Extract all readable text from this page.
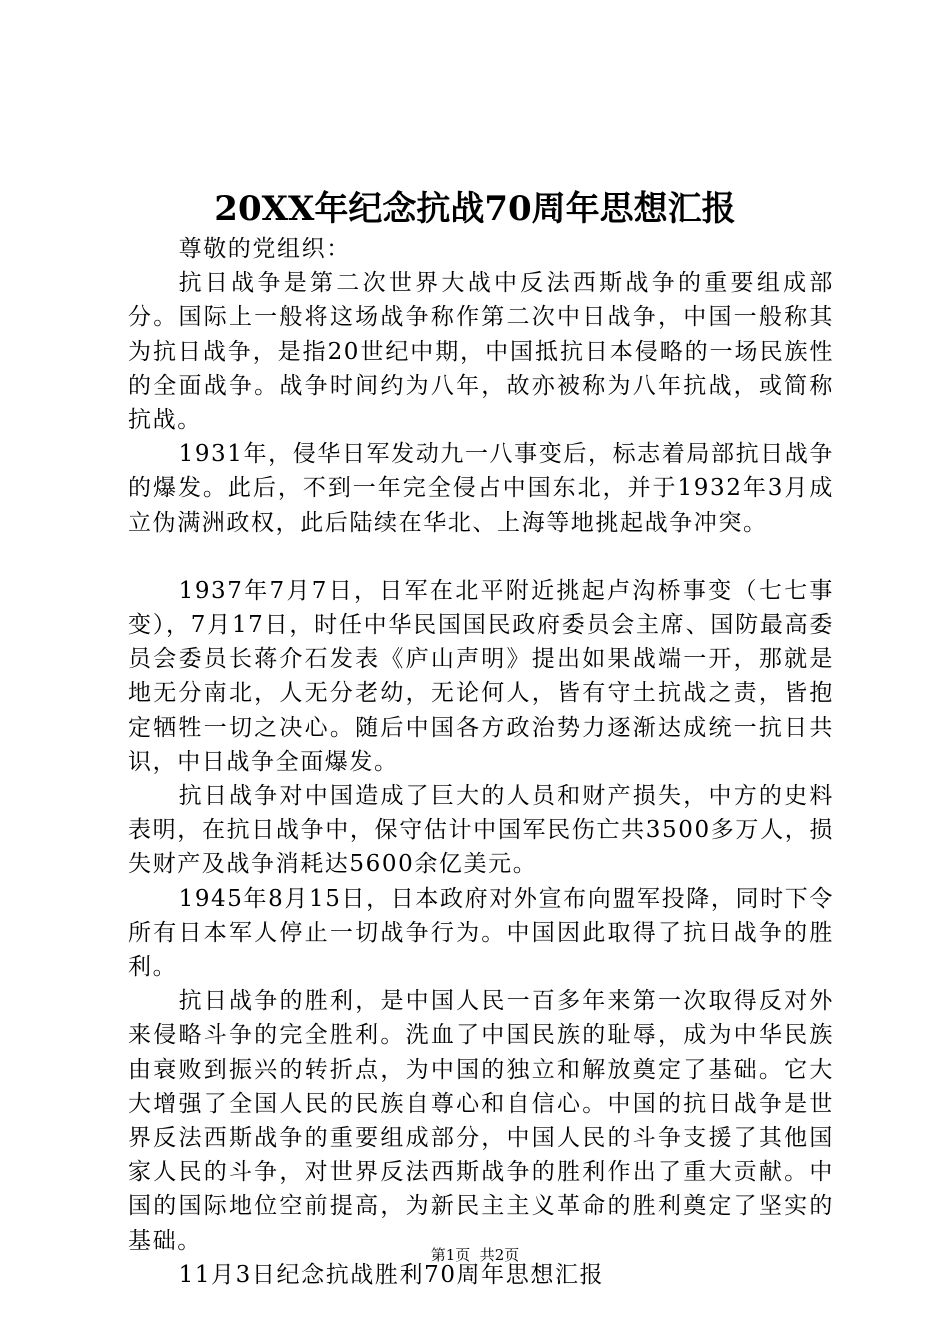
20XX年纪念抗战70周年思想汇报

尊敬的党组织：

抗日战争是第二次世界大战中反法西斯战争的重要组成部分。国际上一般将这场战争称作第二次中日战争，中国一般称其为抗日战争，是指20世纪中期，中国抵抗日本侵略的一场民族性的全面战争。战争时间约为八年，故亦被称为八年抗战，或简称抗战。

1931年，侵华日军发动九一八事变后，标志着局部抗日战争的爆发。此后，不到一年完全侵占中国东北，并于1932年3月成立伪满洲政权，此后陆续在华北、上海等地挑起战争冲突。

1937年7月7日，日军在北平附近挑起卢沟桥事变（七七事变），7月17日，时任中华民国国民政府委员会主席、国防最高委员会委员长蒋介石发表《庐山声明》提出如果战端一开，那就是地无分南北，人无分老幼，无论何人，皆有守土抗战之责，皆抱定牺牲一切之决心。随后中国各方政治势力逐渐达成统一抗日共识，中日战争全面爆发。

抗日战争对中国造成了巨大的人员和财产损失，中方的史料表明，在抗日战争中，保守估计中国军民伤亡共3500多万人，损失财产及战争消耗达5600余亿美元。

1945年8月15日，日本政府对外宣布向盟军投降，同时下令所有日本军人停止一切战争行为。中国因此取得了抗日战争的胜利。

抗日战争的胜利，是中国人民一百多年来第一次取得反对外来侵略斗争的完全胜利。洗血了中国民族的耻辱，成为中华民族由衰败到振兴的转折点，为中国的独立和解放奠定了基础。它大大增强了全国人民的民族自尊心和自信心。中国的抗日战争是世界反法西斯战争的重要组成部分，中国人民的斗争支援了其他国家人民的斗争，对世界反法西斯战争的胜利作出了重大贡献。中国的国际地位空前提高，为新民主主义革命的胜利奠定了坚实的基础。

11月3日纪念抗战胜利70周年思想汇报

第1页  共2页
